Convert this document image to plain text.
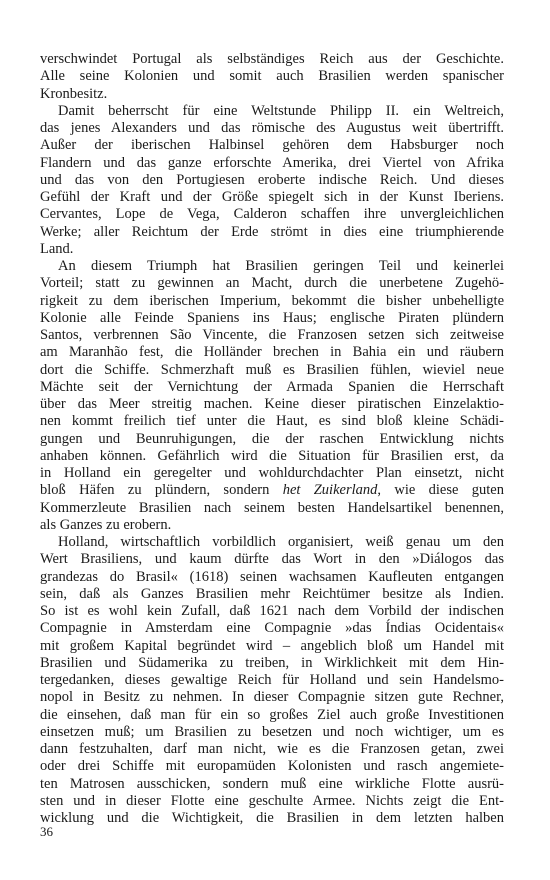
verschwindet Portugal als selbständiges Reich aus der Geschichte.
Alle seine Kolonien und somit auch Brasilien werden spanischer
Kronbesitz.
Damit beherrscht für eine Weltstunde Philipp II. ein Weltreich,
das jenes Alexanders und das römische des Augustus weit übertrifft.
Außer der iberischen Halbinsel gehören dem Habsburger noch
Flandern und das ganze erforschte Amerika, drei Viertel von Afrika
und das von den Portugiesen eroberte indische Reich. Und dieses
Gefühl der Kraft und der Größe spiegelt sich in der Kunst Iberiens.
Cervantes, Lope de Vega, Calderon schaffen ihre unvergleichlichen
Werke; aller Reichtum der Erde strömt in dies eine triumphierende
Land.
An diesem Triumph hat Brasilien geringen Teil und keinerlei
Vorteil; statt zu gewinnen an Macht, durch die unerbetene Zugehö-
rigkeit zu dem iberischen Imperium, bekommt die bisher unbehelligte
Kolonie alle Feinde Spaniens ins Haus; englische Piraten plündern
Santos, verbrennen São Vincente, die Franzosen setzen sich zeitweise
am Maranhão fest, die Holländer brechen in Bahia ein und räubern
dort die Schiffe. Schmerzhaft muß es Brasilien fühlen, wieviel neue
Mächte seit der Vernichtung der Armada Spanien die Herrschaft
über das Meer streitig machen. Keine dieser piratischen Einzelaktio-
nen kommt freilich tief unter die Haut, es sind bloß kleine Schädi-
gungen und Beunruhigungen, die der raschen Entwicklung nichts
anhaben können. Gefährlich wird die Situation für Brasilien erst, da
in Holland ein geregelter und wohldurchdachter Plan einsetzt, nicht
bloß Häfen zu plündern, sondern het Zuikerland, wie diese guten
Kommerzleute Brasilien nach seinem besten Handelsartikel benennen,
als Ganzes zu erobern.
Holland, wirtschaftlich vorbildlich organisiert, weiß genau um den
Wert Brasiliens, und kaum dürfte das Wort in den »Diálogos das
grandezas do Brasil« (1618) seinen wachsamen Kaufleuten entgangen
sein, daß als Ganzes Brasilien mehr Reichtümer besitze als Indien.
So ist es wohl kein Zufall, daß 1621 nach dem Vorbild der indischen
Compagnie in Amsterdam eine Compagnie »das Índias Ocidentais«
mit großem Kapital begründet wird – angeblich bloß um Handel mit
Brasilien und Südamerika zu treiben, in Wirklichkeit mit dem Hin-
tergedanken, dieses gewaltige Reich für Holland und sein Handelsmo-
nopol in Besitz zu nehmen. In dieser Compagnie sitzen gute Rechner,
die einsehen, daß man für ein so großes Ziel auch große Investitionen
einsetzen muß; um Brasilien zu besetzen und noch wichtiger, um es
dann festzuhalten, darf man nicht, wie es die Franzosen getan, zwei
oder drei Schiffe mit europamüden Kolonisten und rasch angemiete-
ten Matrosen ausschicken, sondern muß eine wirkliche Flotte ausrü-
sten und in dieser Flotte eine geschulte Armee. Nichts zeigt die Ent-
wicklung und die Wichtigkeit, die Brasilien in dem letzten halben
36
